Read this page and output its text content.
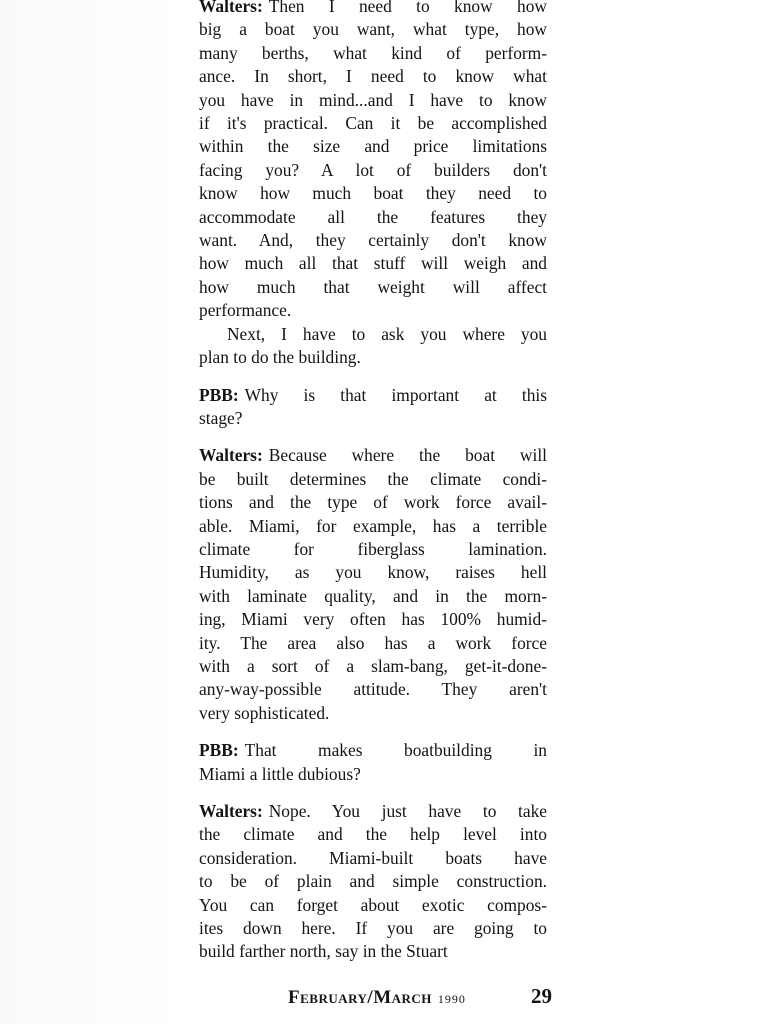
Walters: Then I need to know how
big a boat you want, what type, how
many berths, what kind of perform-
ance. In short, I need to know what
you have in mind...and I have to know
if it's practical. Can it be accomplished
within the size and price limitations
facing you? A lot of builders don't
know how much boat they need to
accommodate all the features they
want. And, they certainly don't know
how much all that stuff will weigh and
how much that weight will affect
performance.
Next, I have to ask you where you
plan to do the building.
PBB: Why is that important at this
stage?
Walters: Because where the boat will
be built determines the climate condi-
tions and the type of work force avail-
able. Miami, for example, has a terrible
climate for fiberglass lamination.
Humidity, as you know, raises hell
with laminate quality, and in the morn-
ing, Miami very often has 100% humid-
ity. The area also has a work force
with a sort of a slam-bang, get-it-done-
any-way-possible attitude. They aren't
very sophisticated.
PBB: That makes boatbuilding in
Miami a little dubious?
Walters: Nope. You just have to take
the climate and the help level into
consideration. Miami-built boats have
to be of plain and simple construction.
You can forget about exotic compos-
ites down here. If you are going to
build farther north, say in the Stuart
February/March 1990	29
